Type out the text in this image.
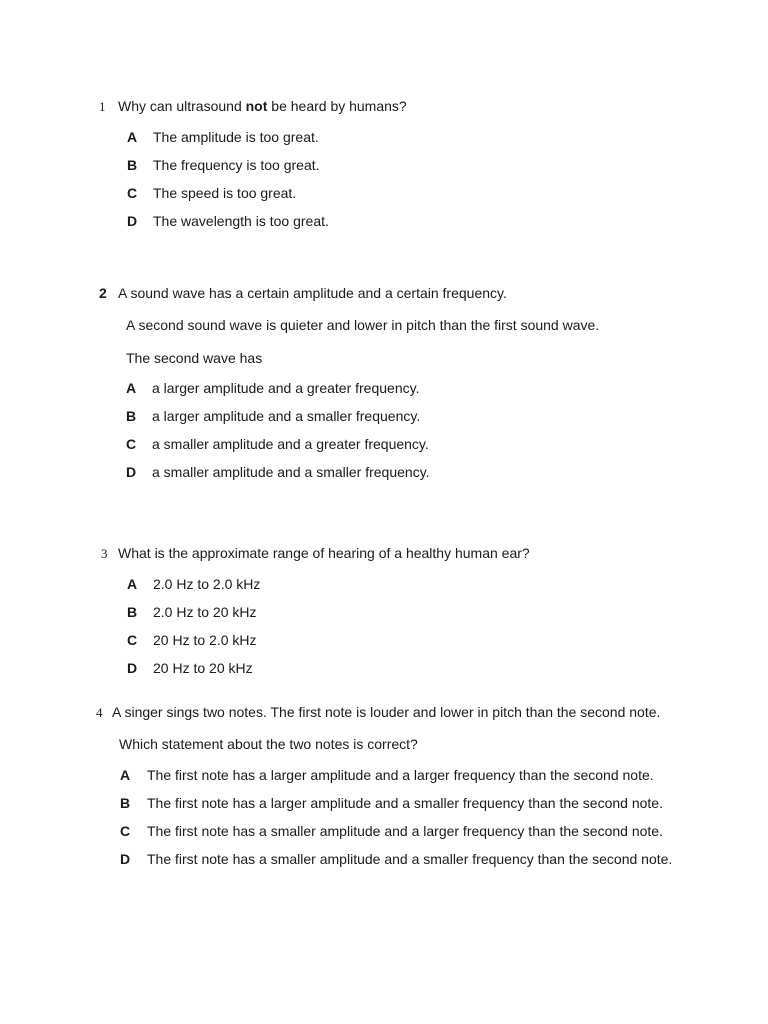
1 Why can ultrasound not be heard by humans?
A The amplitude is too great.
B The frequency is too great.
C The speed is too great.
D The wavelength is too great.
2 A sound wave has a certain amplitude and a certain frequency.
A second sound wave is quieter and lower in pitch than the first sound wave.
The second wave has
A a larger amplitude and a greater frequency.
B a larger amplitude and a smaller frequency.
C a smaller amplitude and a greater frequency.
D a smaller amplitude and a smaller frequency.
3 What is the approximate range of hearing of a healthy human ear?
A 2.0 Hz to 2.0 kHz
B 2.0 Hz to 20 kHz
C 20 Hz to 2.0 kHz
D 20 Hz to 20 kHz
4 A singer sings two notes. The first note is louder and lower in pitch than the second note.
Which statement about the two notes is correct?
A The first note has a larger amplitude and a larger frequency than the second note.
B The first note has a larger amplitude and a smaller frequency than the second note.
C The first note has a smaller amplitude and a larger frequency than the second note.
D The first note has a smaller amplitude and a smaller frequency than the second note.
